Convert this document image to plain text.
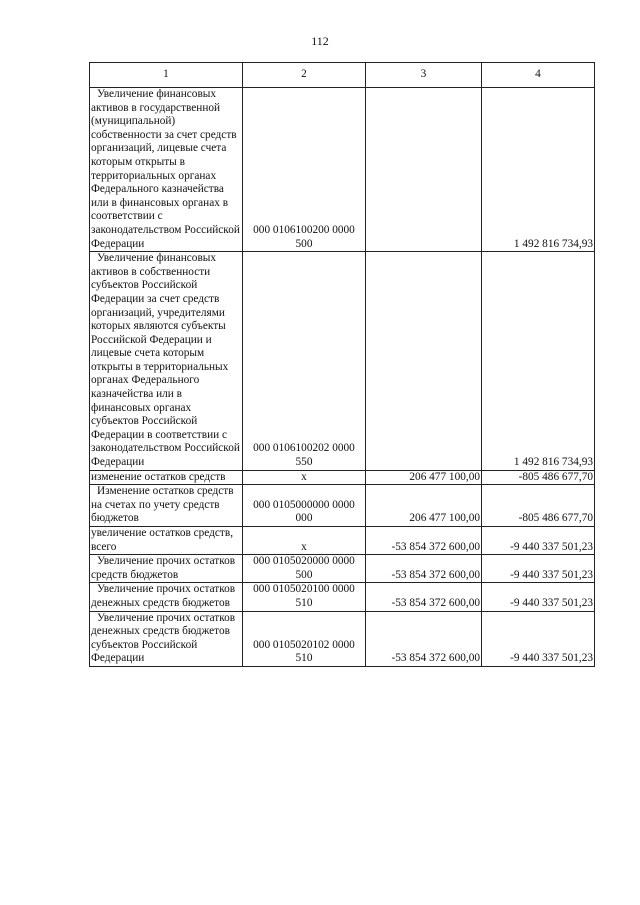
112
1	2	3	4

Увеличение финансовых активов в государственной (муниципальной) собственности за счет средств организаций, лицевые счета которым открыты в территориальных органах Федерального казначейства или в финансовых органах в соответствии с законодательством Российской Федерации	000 0106100200 0000 500		1 492 816 734,93

Увеличение финансовых активов в собственности субъектов Российской Федерации за счет средств организаций, учредителями которых являются субъекты Российской Федерации и лицевые счета которым открыты в территориальных органах Федерального казначейства или в финансовых органах субъектов Российской Федерации в соответствии с законодательством Российской Федерации	000 0106100202 0000 550		1 492 816 734,93

изменение остатков средств	х	206 477 100,00	-805 486 677,70

Изменение остатков средств на счетах по учету средств бюджетов	000 0105000000 0000 000	206 477 100,00	-805 486 677,70

увеличение остатков средств, всего	х	-53 854 372 600,00	-9 440 337 501,23

Увеличение прочих остатков средств бюджетов	000 0105020000 0000 500	-53 854 372 600,00	-9 440 337 501,23

Увеличение прочих остатков денежных средств бюджетов	000 0105020100 0000 510	-53 854 372 600,00	-9 440 337 501,23

Увеличение прочих остатков денежных средств бюджетов субъектов Российской Федерации	000 0105020102 0000 510	-53 854 372 600,00	-9 440 337 501,23
